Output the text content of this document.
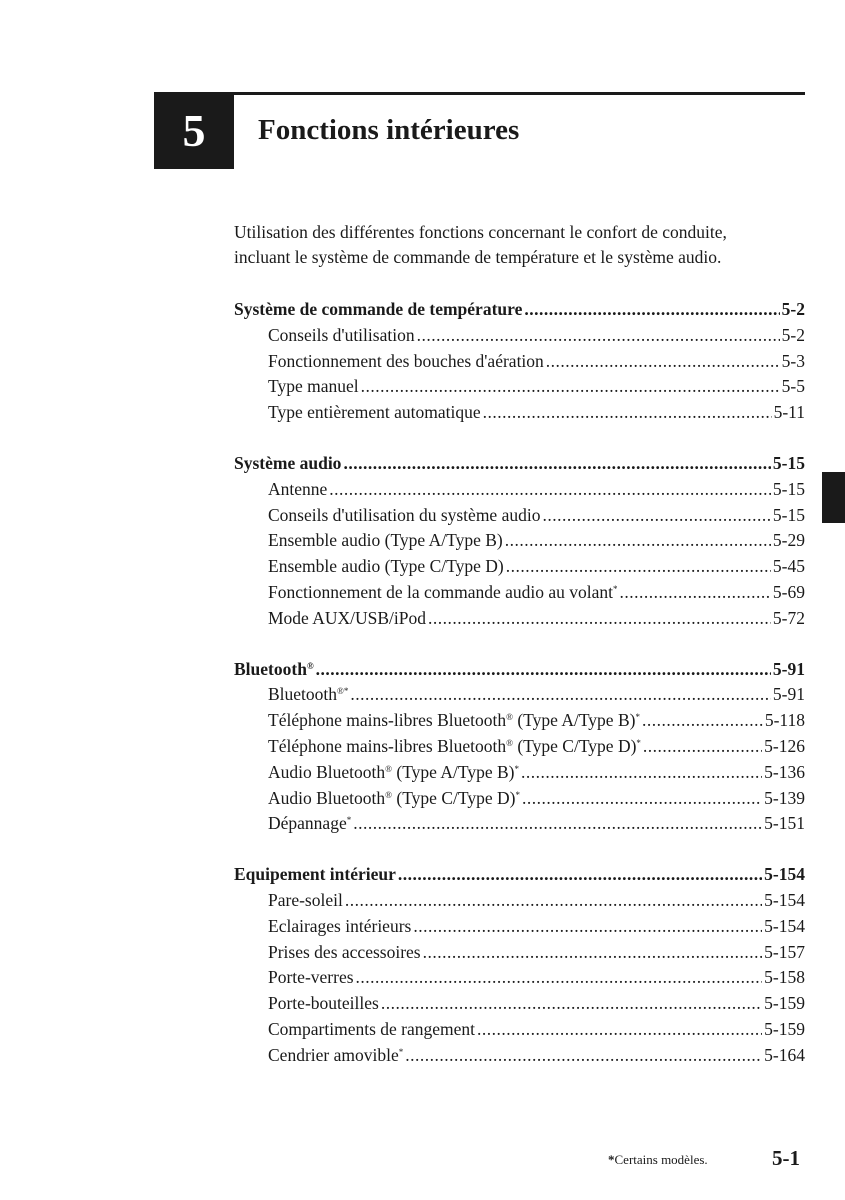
5 Fonctions intérieures

Utilisation des différentes fonctions concernant le confort de conduite,

incluant le système de commande de température et le système audio.

Système de commande de température .....	5-2
Conseils d'utilisation .....	5-2
Fonctionnement des bouches d'aération .....	5-3
Type manuel .....	5-5
Type entièrement automatique .....	5-11
Système audio .....	5-15
Antenne .....	5-15
Conseils d'utilisation du système audio .....	5-15
Ensemble audio (Type A/Type B) .....	5-29
Ensemble audio (Type C/Type D) .....	5-45
Fonctionnement de la commande audio au volant* .....	5-69
Mode AUX/USB/iPod .....	5-72
Bluetooth® .....	5-91
Bluetooth®* .....	5-91
Téléphone mains-libres Bluetooth® (Type A/Type B)* .....	5-118
Téléphone mains-libres Bluetooth® (Type C/Type D)* .....	5-126
Audio Bluetooth® (Type A/Type B)* .....	5-136
Audio Bluetooth® (Type C/Type D)* .....	5-139
Dépannage* .....	5-151
Equipement intérieur .....	5-154
Pare-soleil .....	5-154
Eclairages intérieurs .....	5-154
Prises des accessoires .....	5-157
Porte-verres .....	5-158
Porte-bouteilles .....	5-159
Compartiments de rangement .....	5-159
Cendrier amovible* .....	5-164
*Certains modèles.	5-1
